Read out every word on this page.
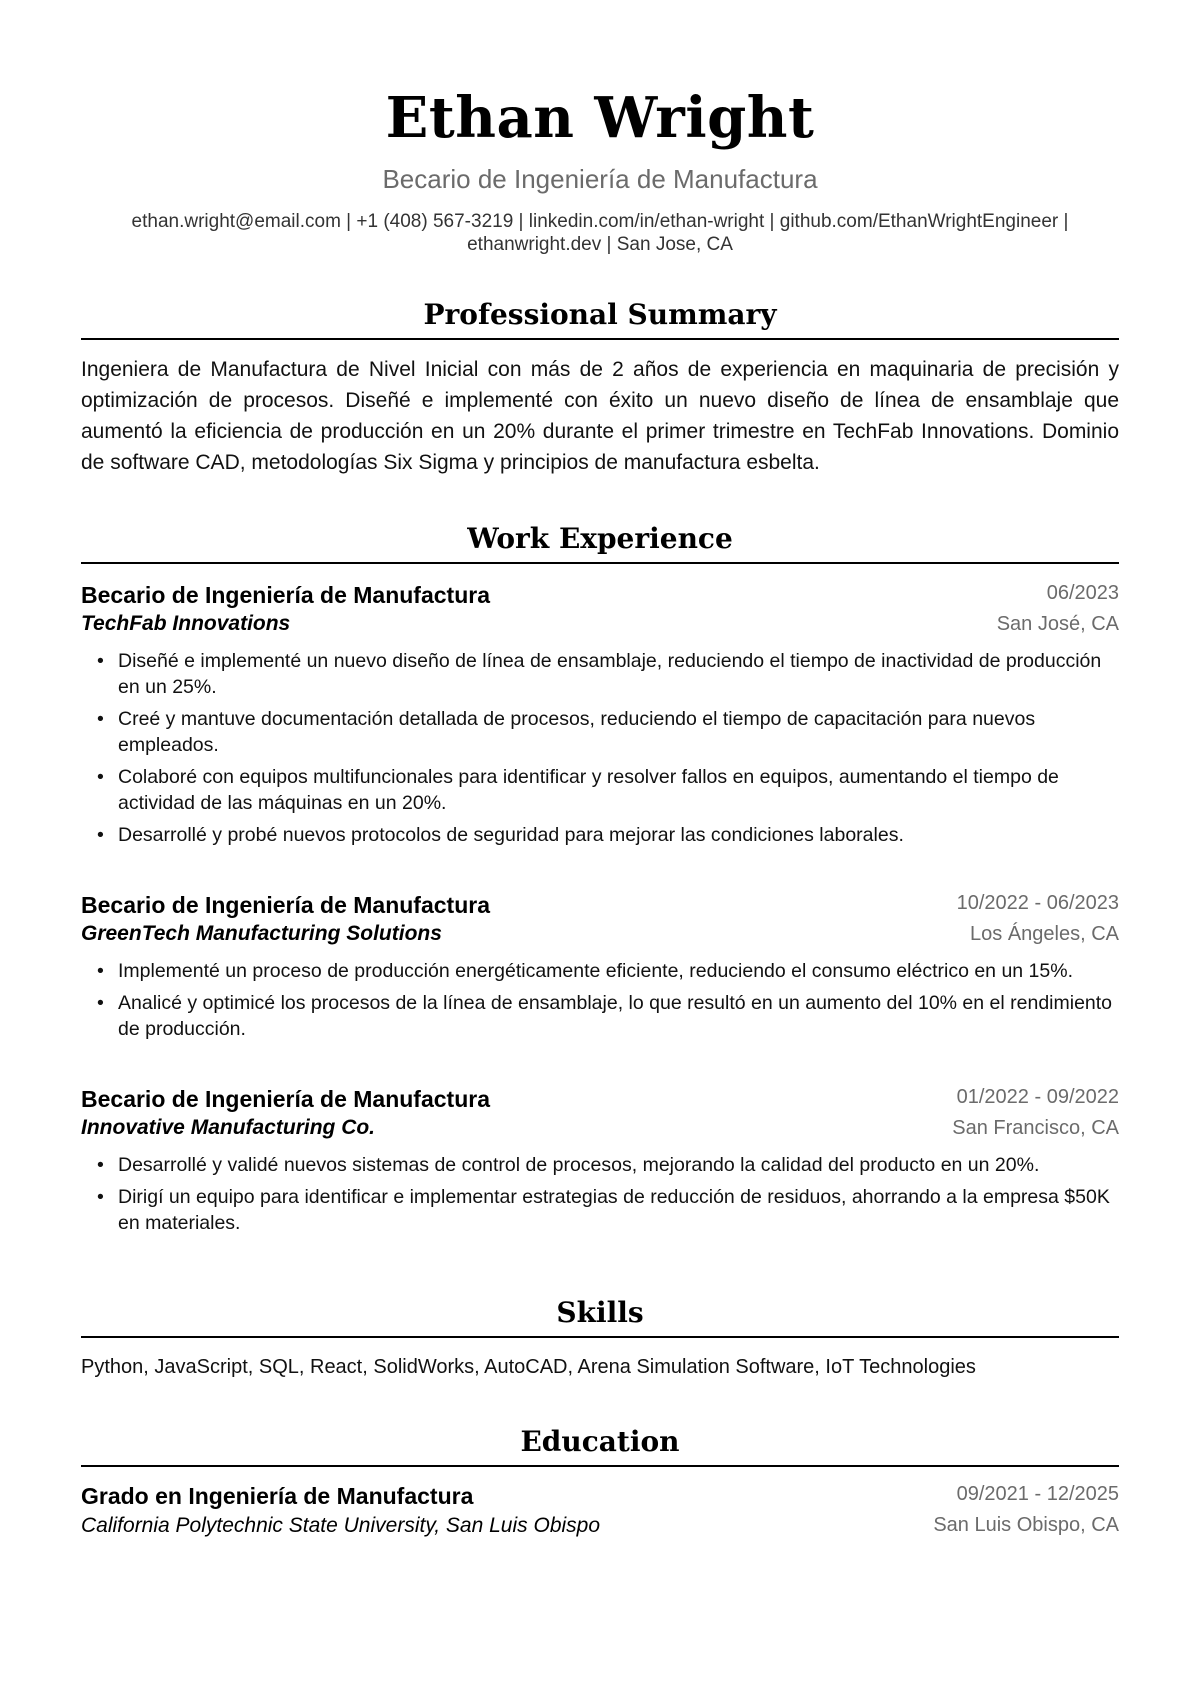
Ethan Wright
Becario de Ingeniería de Manufactura
ethan.wright@email.com | +1 (408) 567-3219 | linkedin.com/in/ethan-wright | github.com/EthanWrightEngineer |
ethanwright.dev | San Jose, CA
Professional Summary
Ingeniera de Manufactura de Nivel Inicial con más de 2 años de experiencia en maquinaria de precisión y optimización de procesos. Diseñé e implementé con éxito un nuevo diseño de línea de ensamblaje que aumentó la eficiencia de producción en un 20% durante el primer trimestre en TechFab Innovations. Dominio de software CAD, metodologías Six Sigma y principios de manufactura esbelta.
Work Experience
Becario de Ingeniería de Manufactura	06/2023
TechFab Innovations	San José, CA
• Diseñé e implementé un nuevo diseño de línea de ensamblaje, reduciendo el tiempo de inactividad de producción en un 25%.
• Creé y mantuve documentación detallada de procesos, reduciendo el tiempo de capacitación para nuevos empleados.
• Colaboré con equipos multifuncionales para identificar y resolver fallos en equipos, aumentando el tiempo de actividad de las máquinas en un 20%.
• Desarrollé y probé nuevos protocolos de seguridad para mejorar las condiciones laborales.
Becario de Ingeniería de Manufactura	10/2022 - 06/2023
GreenTech Manufacturing Solutions	Los Ángeles, CA
• Implementé un proceso de producción energéticamente eficiente, reduciendo el consumo eléctrico en un 15%.
• Analicé y optimicé los procesos de la línea de ensamblaje, lo que resultó en un aumento del 10% en el rendimiento de producción.
Becario de Ingeniería de Manufactura	01/2022 - 09/2022
Innovative Manufacturing Co.	San Francisco, CA
• Desarrollé y validé nuevos sistemas de control de procesos, mejorando la calidad del producto en un 20%.
• Dirigí un equipo para identificar e implementar estrategias de reducción de residuos, ahorrando a la empresa $50K en materiales.
Skills
Python, JavaScript, SQL, React, SolidWorks, AutoCAD, Arena Simulation Software, IoT Technologies
Education
Grado en Ingeniería de Manufactura	09/2021 - 12/2025
California Polytechnic State University, San Luis Obispo	San Luis Obispo, CA
